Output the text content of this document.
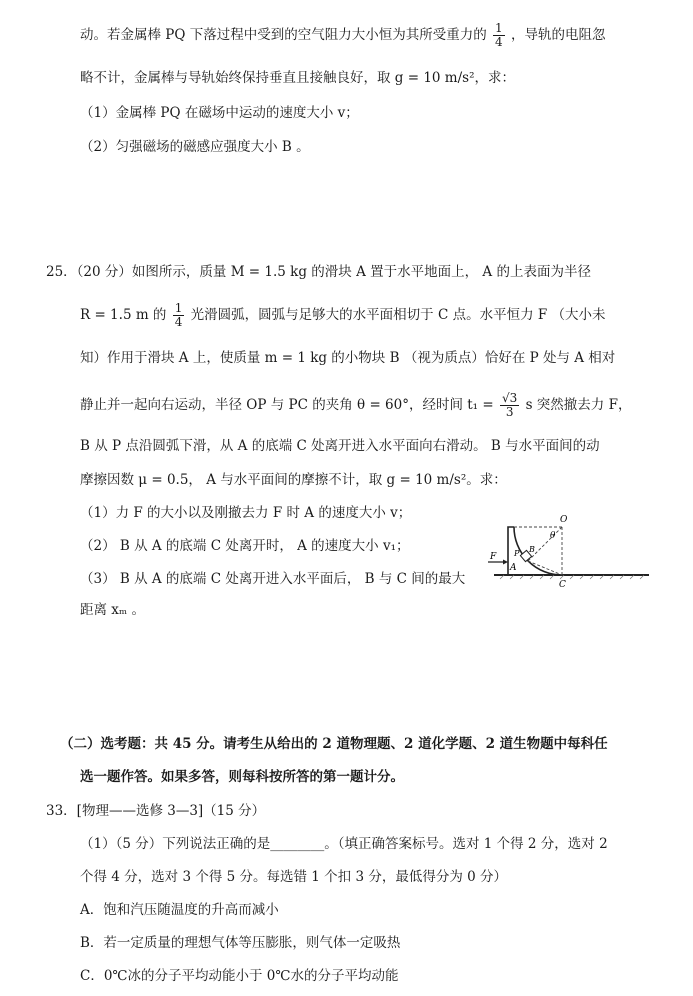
动。若金属棒 PQ 下落过程中受到的空气阻力大小恒为其所受重力的 $\frac{1}{4}$ ，导轨的电阻忽
略不计，金属棒与导轨始终保持垂直且接触良好，取 g = 10 m/s²，求：
（1）金属棒 PQ 在磁场中运动的速度大小 v；
（2）匀强磁场的磁感应强度大小 B 。
25．（20 分）如图所示，质量 M = 1.5 kg 的滑块 A 置于水平地面上， A 的上表面为半径
R = 1.5 m 的 $\frac{1}{4}$ 光滑圆弧，圆弧与足够大的水平面相切于 C 点。水平恒力 F （大小未
知）作用于滑块 A 上，使质量 m = 1 kg 的小物块 B （视为质点）恰好在 P 处与 A 相对
静止并一起向右运动，半径 OP 与 PC 的夹角 θ = 60°，经时间 $t_1 = \frac{√3}{3}$ s 突然撤去力 F，
B 从 P 点沿圆弧下滑，从 A 的底端 C 处离开进入水平面向右滑动。 B 与水平面间的动
摩擦因数 μ = 0.5， A 与水平面间的摩擦不计，取 g = 10 m/s²。求：
（1）力 F 的大小以及刚撤去力 F 时 A 的速度大小 v；
（2） B 从 A 的底端 C 处离开时， A 的速度大小 v₁；
（3） B 从 A 的底端 C 处离开进入水平面后， B 与 C 间的最大
距离 xₘ 。
O
θ
F P B
A
C
（二）选考题：共 45 分。请考生从给出的 2 道物理题、2 道化学题、2 道生物题中每科任
选一题作答。如果多答，则每科按所答的第一题计分。
33．[物理——选修 3—3]（15 分）
（1）（5 分）下列说法正确的是________。（填正确答案标号。选对 1 个得 2 分，选对 2
个得 4 分，选对 3 个得 5 分。每选错 1 个扣 3 分，最低得分为 0 分）
A．饱和汽压随温度的升高而减小
B．若一定质量的理想气体等压膨胀，则气体一定吸热
C．0℃冰的分子平均动能小于 0℃水的分子平均动能
